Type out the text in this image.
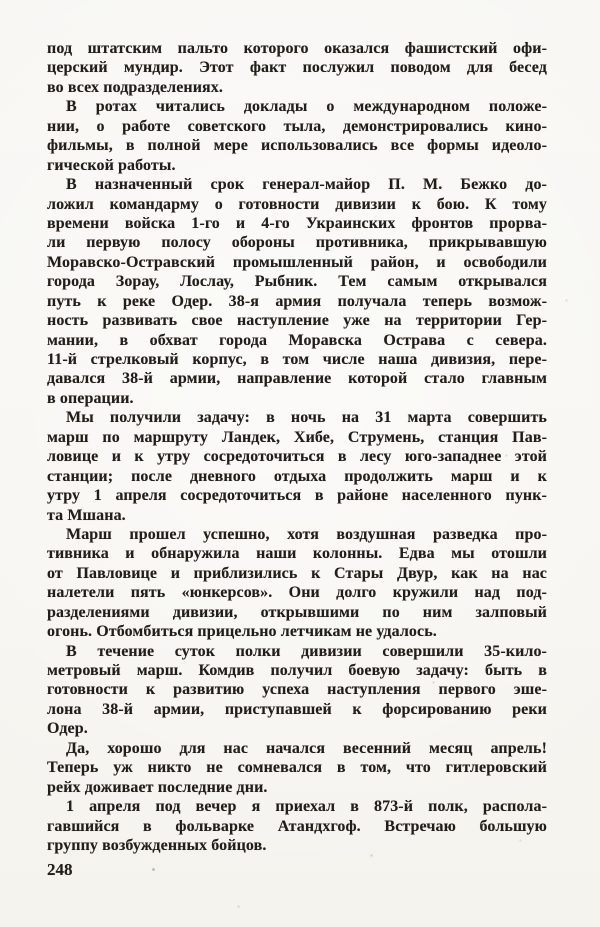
под штатским пальто которого оказался фашистский офи-
церский мундир. Этот факт послужил поводом для бесед
во всех подразделениях.
В ротах читались доклады о международном положе-
нии, о работе советского тыла, демонстрировались кино-
фильмы, в полной мере использовались все формы идеоло-
гической работы.
В назначенный срок генерал-майор П. М. Бежко до-
ложил командарму о готовности дивизии к бою. К тому
времени войска 1-го и 4-го Украинских фронтов прорва-
ли первую полосу обороны противника, прикрывавшую
Моравско-Остравский промышленный район, и освободили
города Зорау, Лослау, Рыбник. Тем самым открывался
путь к реке Одер. 38-я армия получала теперь возмож-
ность развивать свое наступление уже на территории Гер-
мании, в обхват города Моравска Острава с севера.
11-й стрелковый корпус, в том числе наша дивизия, пере-
давался 38-й армии, направление которой стало главным
в операции.
Мы получили задачу: в ночь на 31 марта совершить
марш по маршруту Ландек, Хибе, Струмень, станция Пав-
ловице и к утру сосредоточиться в лесу юго-западнее этой
станции; после дневного отдыха продолжить марш и к
утру 1 апреля сосредоточиться в районе населенного пунк-
та Мшана.
Марш прошел успешно, хотя воздушная разведка про-
тивника и обнаружила наши колонны. Едва мы отошли
от Павловице и приблизились к Стары Двур, как на нас
налетели пять «юнкерсов». Они долго кружили над под-
разделениями дивизии, открывшими по ним залповый
огонь. Отбомбиться прицельно летчикам не удалось.
В течение суток полки дивизии совершили 35-кило-
метровый марш. Комдив получил боевую задачу: быть в
готовности к развитию успеха наступления первого эше-
лона 38-й армии, приступавшей к форсированию реки
Одер.
Да, хорошо для нас начался весенний месяц апрель!
Теперь уж никто не сомневался в том, что гитлеровский
рейх доживает последние дни.
1 апреля под вечер я приехал в 873-й полк, распола-
гавшийся в фольварке Атандхгоф. Встречаю большую
группу возбужденных бойцов.
248
